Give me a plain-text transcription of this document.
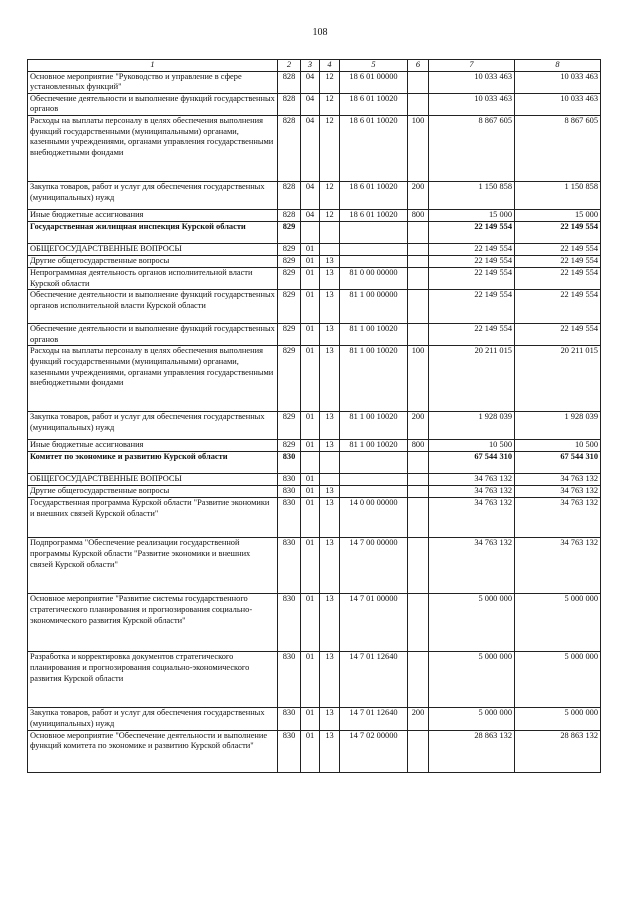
108
1	2	3	4	5	6	7	8
Основное мероприятие "Руководство и управление в сфере установленных функций"	828	04	12	18 6 01 00000		10 033 463	10 033 463
Обеспечение деятельности и выполнение функций государственных органов	828	04	12	18 6 01 10020		10 033 463	10 033 463
Расходы на выплаты персоналу в целях обеспечения выполнения функций государственными (муниципальными) органами, казенными учреждениями, органами управления государственными внебюджетными фондами	828	04	12	18 6 01 10020	100	8 867 605	8 867 605
Закупка товаров, работ и услуг для обеспечения государственных (муниципальных) нужд	828	04	12	18 6 01 10020	200	1 150 858	1 150 858
Иные бюджетные ассигнования	828	04	12	18 6 01 10020	800	15 000	15 000
Государственная жилищная инспекция Курской области	829					22 149 554	22 149 554
ОБЩЕГОСУДАРСТВЕННЫЕ ВОПРОСЫ	829	01				22 149 554	22 149 554
Другие общегосударственные вопросы	829	01	13			22 149 554	22 149 554
Непрограммная деятельность органов исполнительной власти Курской области	829	01	13	81 0 00 00000		22 149 554	22 149 554
Обеспечение деятельности и выполнение функций государственных органов исполнительной власти Курской области	829	01	13	81 1 00 00000		22 149 554	22 149 554
Обеспечение деятельности и выполнение функций государственных органов	829	01	13	81 1 00 10020		22 149 554	22 149 554
Расходы на выплаты персоналу в целях обеспечения выполнения функций государственными (муниципальными) органами, казенными учреждениями, органами управления государственными внебюджетными фондами	829	01	13	81 1 00 10020	100	20 211 015	20 211 015
Закупка товаров, работ и услуг для обеспечения государственных (муниципальных) нужд	829	01	13	81 1 00 10020	200	1 928 039	1 928 039
Иные бюджетные ассигнования	829	01	13	81 1 00 10020	800	10 500	10 500
Комитет по экономике и развитию Курской области	830					67 544 310	67 544 310
ОБЩЕГОСУДАРСТВЕННЫЕ ВОПРОСЫ	830	01				34 763 132	34 763 132
Другие общегосударственные вопросы	830	01	13			34 763 132	34 763 132
Государственная программа Курской области "Развитие экономики и внешних связей Курской области"	830	01	13	14 0 00 00000		34 763 132	34 763 132
Подпрограмма "Обеспечение реализации государственной программы Курской области "Развитие экономики и внешних связей Курской области"	830	01	13	14 7 00 00000		34 763 132	34 763 132
Основное мероприятие "Развитие системы государственного стратегического планирования и прогнозирования социально-экономического развития Курской области"	830	01	13	14 7 01 00000		5 000 000	5 000 000
Разработка и корректировка документов стратегического планирования и прогнозирования социально-экономического развития Курской области	830	01	13	14 7 01 12640		5 000 000	5 000 000
Закупка товаров, работ и услуг для обеспечения государственных (муниципальных) нужд	830	01	13	14 7 01 12640	200	5 000 000	5 000 000
Основное мероприятие "Обеспечение деятельности и выполнение функций комитета по экономике и развитию Курской области"	830	01	13	14 7 02 00000		28 863 132	28 863 132
